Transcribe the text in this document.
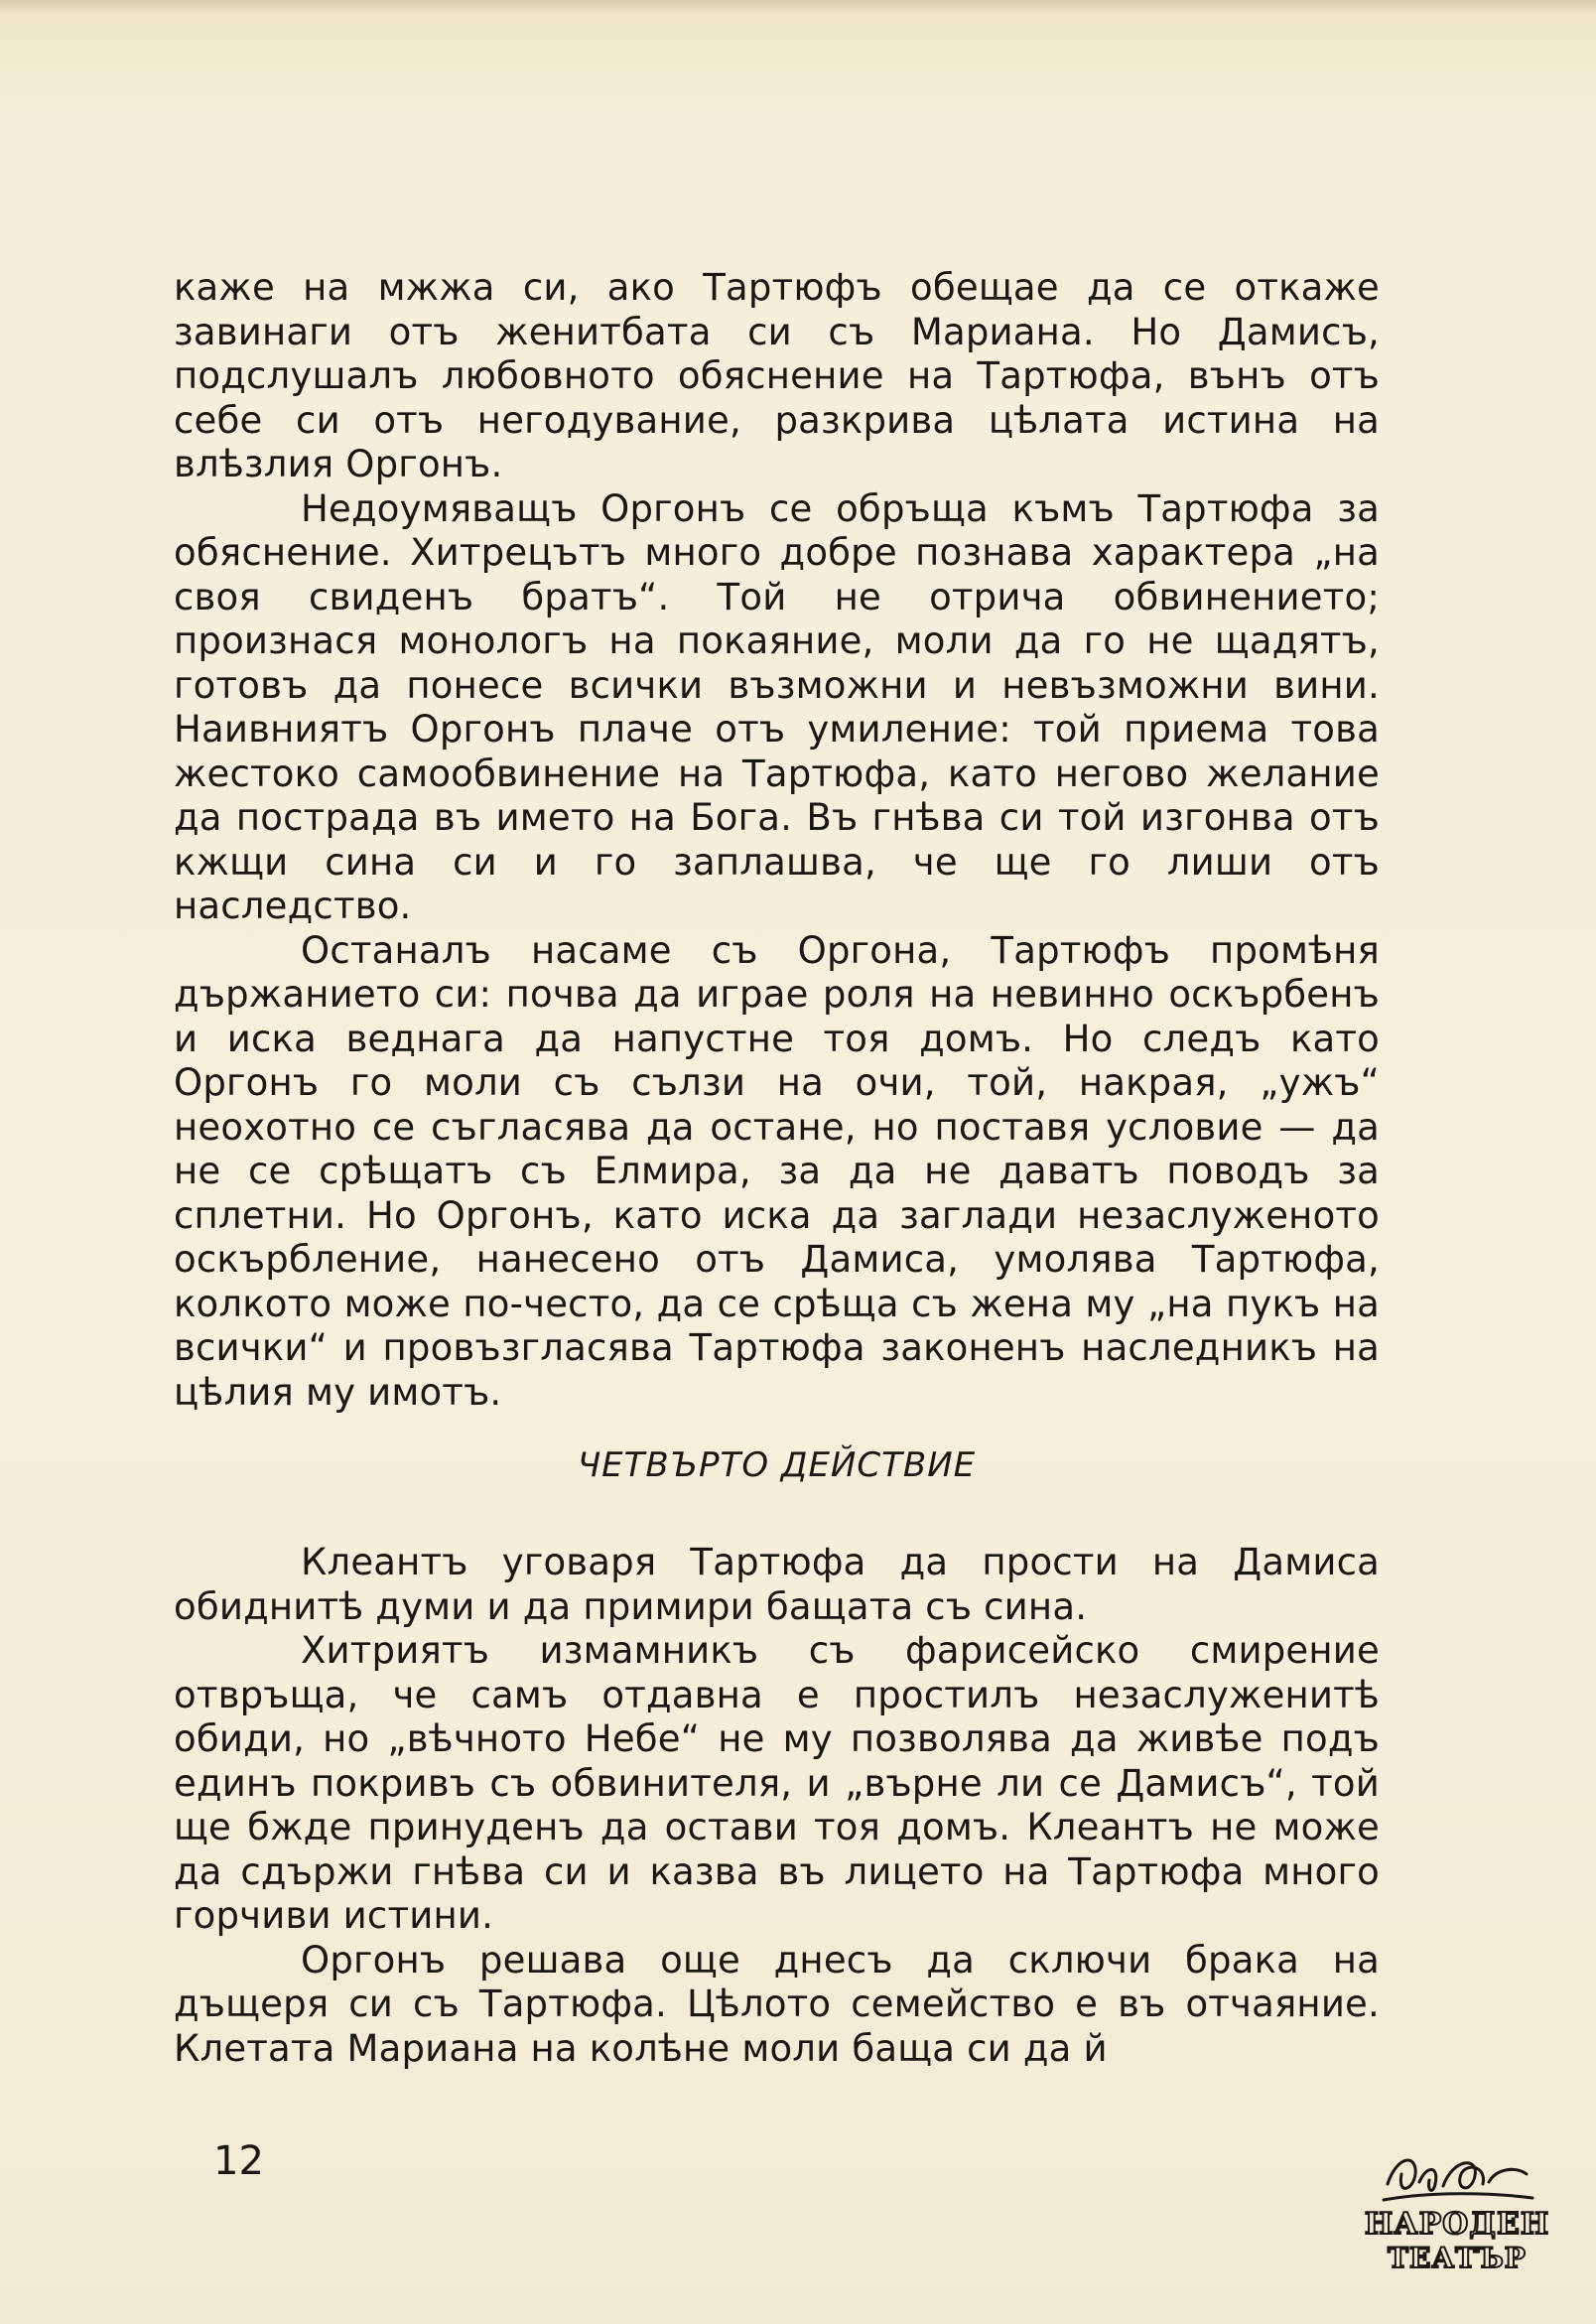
каже на мжжа си, ако Тартюфъ обещае да се откаже завинаги отъ женитбата си съ Мариана. Но Дамисъ, подслушалъ любовното обяснение на Тартюфа, вънъ отъ себе си отъ негодувание, разкрива цѣлата истина на влѣзлия Оргонъ.

Недоумяващъ Оргонъ се обръща къмъ Тартюфа за обяснение. Хитрецътъ много добре познава характера „на своя свиденъ братъ“. Той не отрича обвинението; произнася монологъ на покаяние, моли да го не щадятъ, готовъ да понесе всички възможни и невъзможни вини. Наивниятъ Оргонъ плаче отъ умиление: той приема това жестоко самообвинение на Тартюфа, като негово желание да пострада въ името на Бога. Въ гнѣва си той изгонва отъ кжщи сина си и го заплашва, че ще го лиши отъ наследство.

Останалъ насаме съ Оргона, Тартюфъ промѣня държанието си: почва да играе роля на невинно оскърбенъ и иска веднага да напустне тоя домъ. Но следъ като Оргонъ го моли съ сълзи на очи, той, накрая, „ужъ“ неохотно се съгласява да остане, но поставя условие — да не се срѣщатъ съ Елмира, за да не даватъ поводъ за сплетни. Но Оргонъ, като иска да заглади незаслуженото оскърбление, нанесено отъ Дамиса, умолява Тартюфа, колкото може по-често, да се срѣща съ жена му „на пукъ на всички“ и провъзгласява Тартюфа законенъ наследникъ на цѣлия му имотъ.

ЧЕТВЪРТО ДЕЙСТВИЕ

Клеантъ уговаря Тартюфа да прости на Дамиса обиднитѣ думи и да примири бащата съ сина.

Хитриятъ измамникъ съ фарисейско смирение отвръща, че самъ отдавна е простилъ незаслуженитѣ обиди, но „вѣчното Небе“ не му позволява да живѣе подъ единъ покривъ съ обвинителя, и „върне ли се Дамисъ“, той ще бжде принуденъ да остави тоя домъ. Клеантъ не може да сдържи гнѣва си и казва въ лицето на Тартюфа много горчиви истини.

Оргонъ решава още днесъ да сключи брака на дъщеря си съ Тартюфа. Цѣлото семейство е въ отчаяние. Клетата Мариана на колѣне моли баща си да й

12
НАРОДЕН
ТЕАТЪР
